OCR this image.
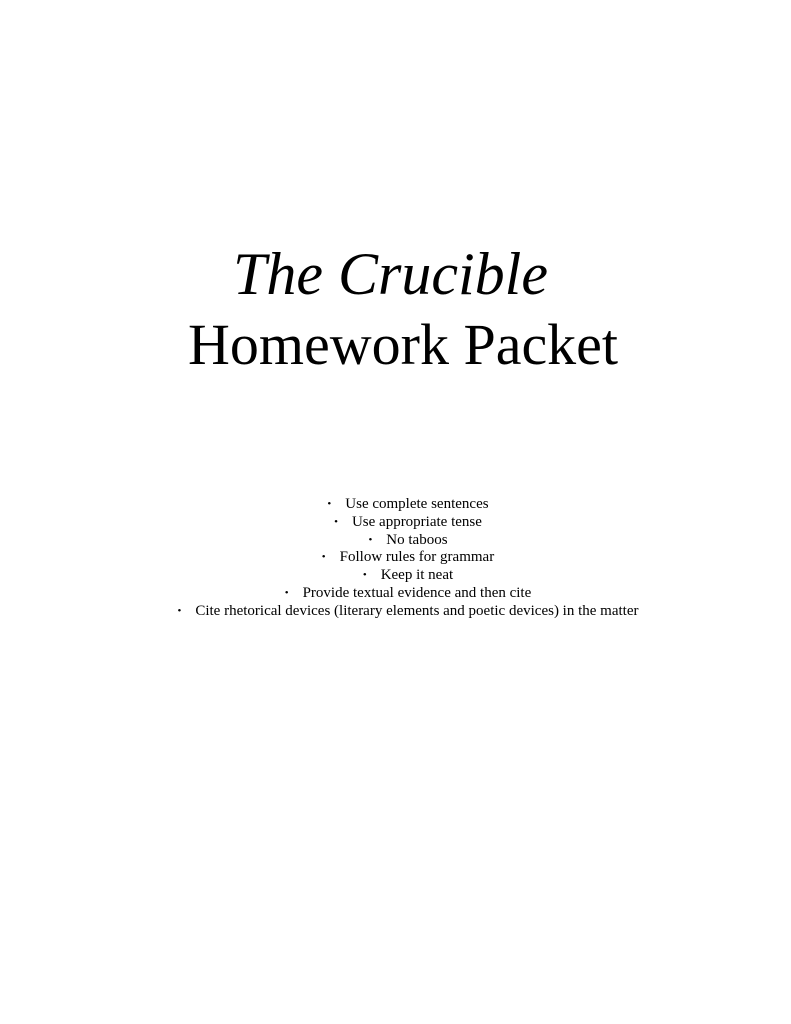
The Crucible
Homework Packet
• Use complete sentences
• Use appropriate tense
• No taboos
• Follow rules for grammar
• Keep it neat
• Provide textual evidence and then cite
• Cite rhetorical devices (literary elements and poetic devices) in the matter
